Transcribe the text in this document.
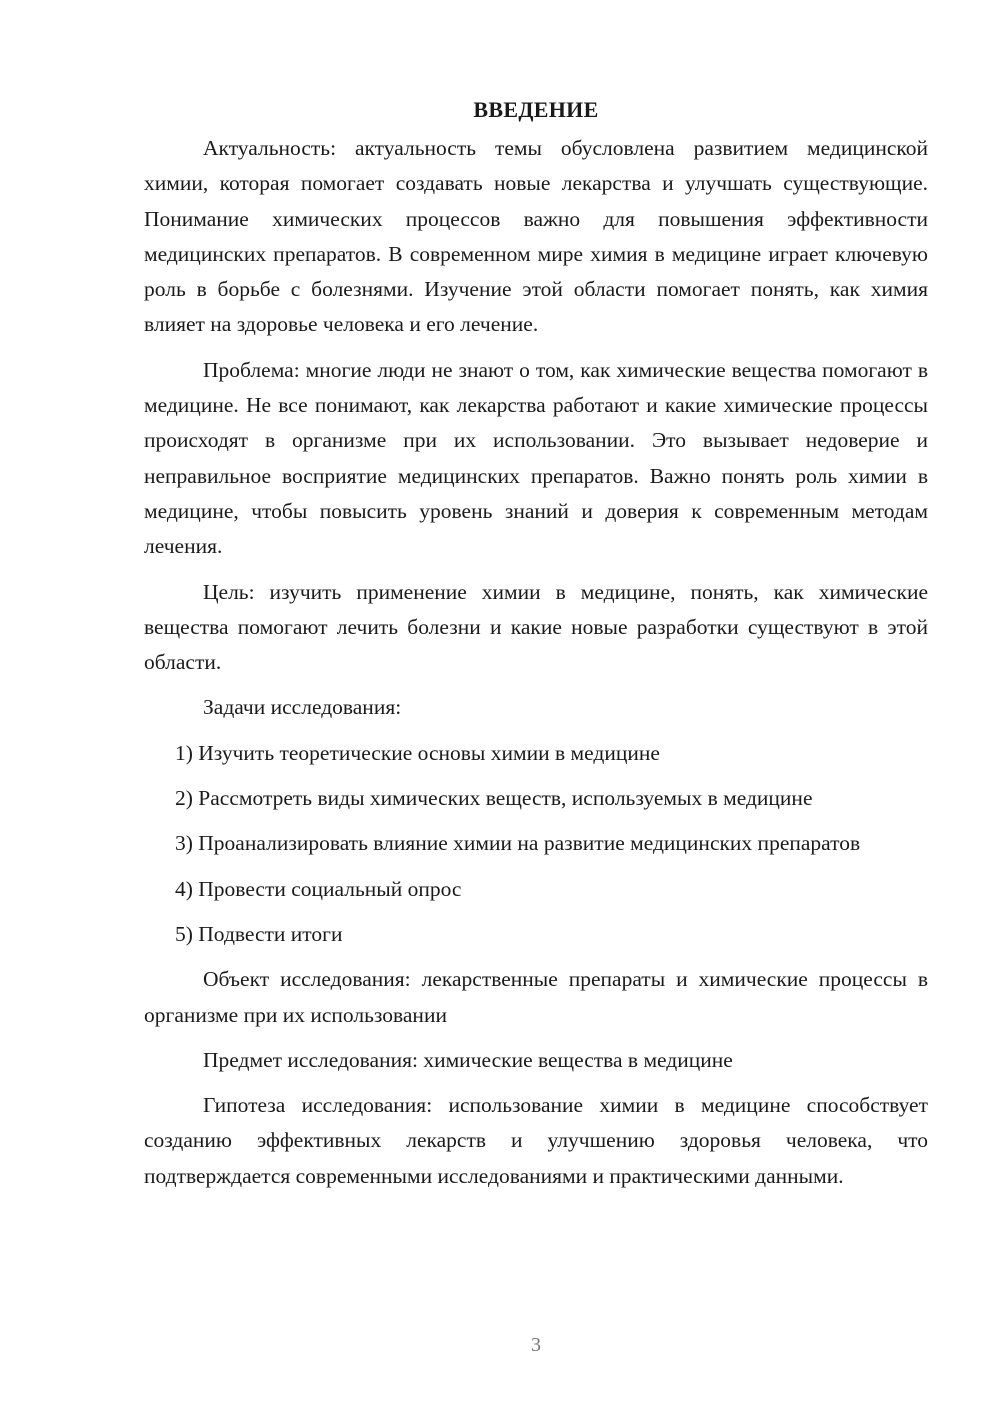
ВВЕДЕНИЕ

Актуальность: актуальность темы обусловлена развитием медицинской химии, которая помогает создавать новые лекарства и улучшать существующие. Понимание химических процессов важно для повышения эффективности медицинских препаратов. В современном мире химия в медицине играет ключевую роль в борьбе с болезнями. Изучение этой области помогает понять, как химия влияет на здоровье человека и его лечение.

Проблема: многие люди не знают о том, как химические вещества помогают в медицине. Не все понимают, как лекарства работают и какие химические процессы происходят в организме при их использовании. Это вызывает недоверие и неправильное восприятие медицинских препаратов. Важно понять роль химии в медицине, чтобы повысить уровень знаний и доверия к современным методам лечения.

Цель: изучить применение химии в медицине, понять, как химические вещества помогают лечить болезни и какие новые разработки существуют в этой области.

Задачи исследования:

1) Изучить теоретические основы химии в медицине

2) Рассмотреть виды химических веществ, используемых в медицине

3) Проанализировать влияние химии на развитие медицинских препаратов

4) Провести социальный опрос

5) Подвести итоги

Объект исследования: лекарственные препараты и химические процессы в организме при их использовании

Предмет исследования: химические вещества в медицине

Гипотеза исследования: использование химии в медицине способствует созданию эффективных лекарств и улучшению здоровья человека, что подтверждается современными исследованиями и практическими данными.

3
